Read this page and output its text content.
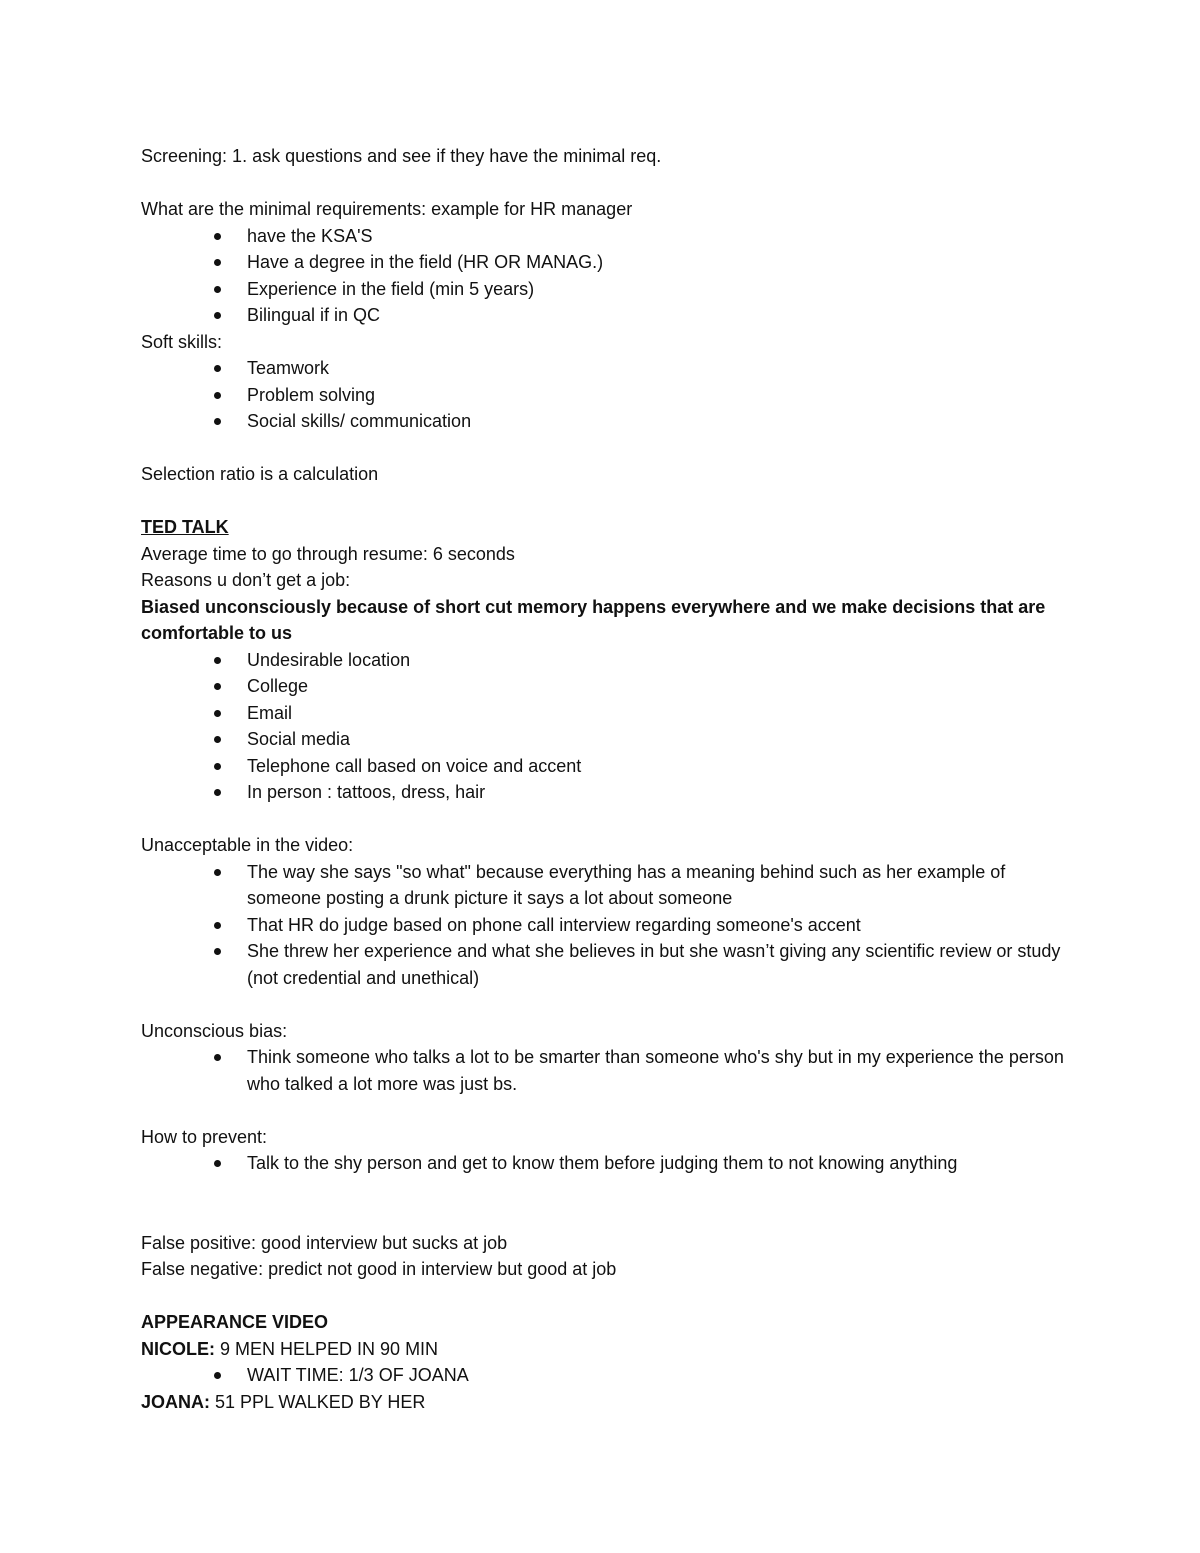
Screening: 1. ask questions and see if they have the minimal req.

What are the minimal requirements: example for HR manager

have the KSA'S
Have a degree in the field (HR OR MANAG.)
Experience in the field (min 5 years)
Bilingual if in QC

Soft skills:

Teamwork
Problem solving
Social skills/ communication

Selection ratio is a calculation

TED TALK

Average time to go through resume: 6 seconds

Reasons u don’t get a job:

Biased unconsciously because of short cut memory happens everywhere and we make decisions that are comfortable to us

Undesirable location
College
Email
Social media
Telephone call based on voice and accent
In person : tattoos, dress, hair

Unacceptable in the video:

The way she says "so what" because everything has a meaning behind such as her example of someone posting a drunk picture it says a lot about someone
That HR do judge based on phone call interview regarding someone's accent
She threw her experience and what she believes in but she wasn’t giving any scientific review or study (not credential and unethical)

Unconscious bias:

Think someone who talks a lot to be smarter than someone who's shy but in my experience the person who talked a lot more was just bs.

How to prevent:

Talk to the shy person and get to know them before judging them to not knowing anything

False positive: good interview but sucks at job

False negative: predict not good in interview but good at job

APPEARANCE VIDEO

NICOLE: 9 MEN HELPED IN 90 MIN

WAIT TIME: 1/3 OF JOANA

JOANA: 51 PPL WALKED BY HER
